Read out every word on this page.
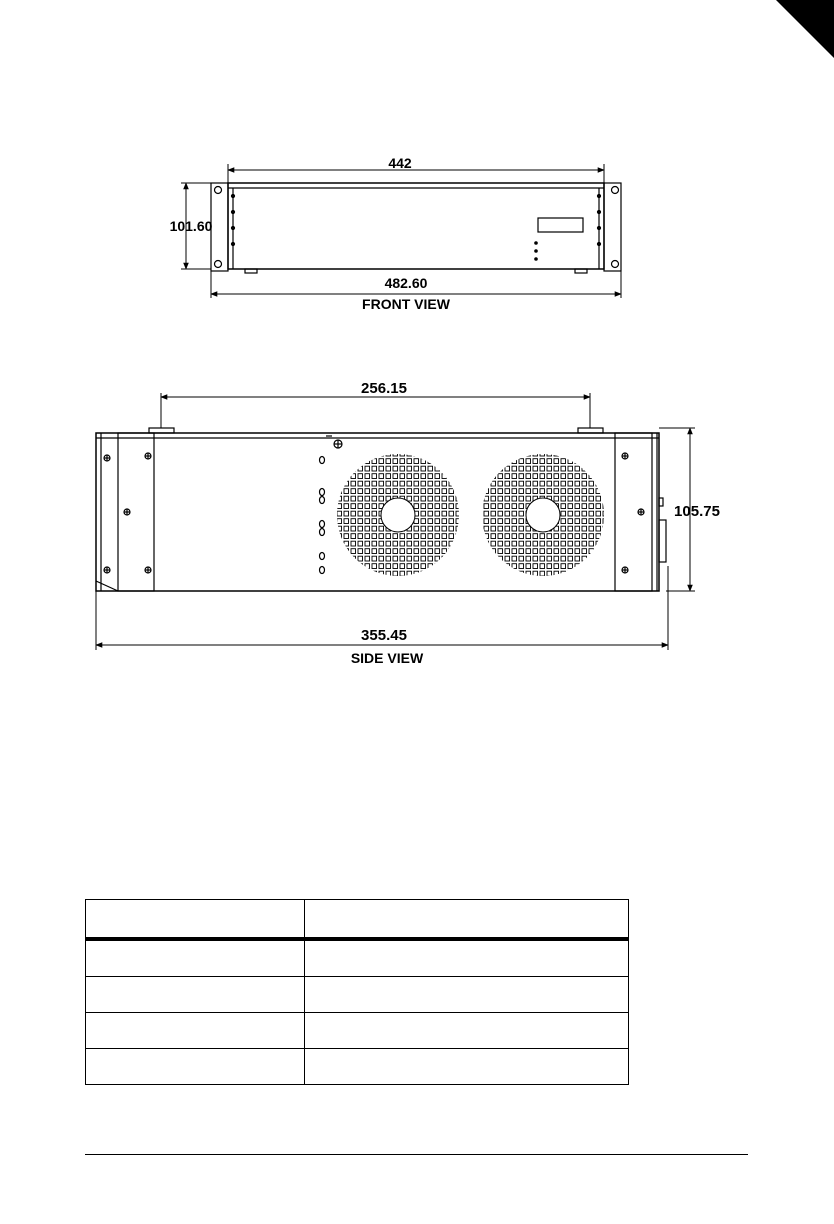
442
482.60
101.60
FRONT VIEW
256.15
355.45
105.75
SIDE VIEW
